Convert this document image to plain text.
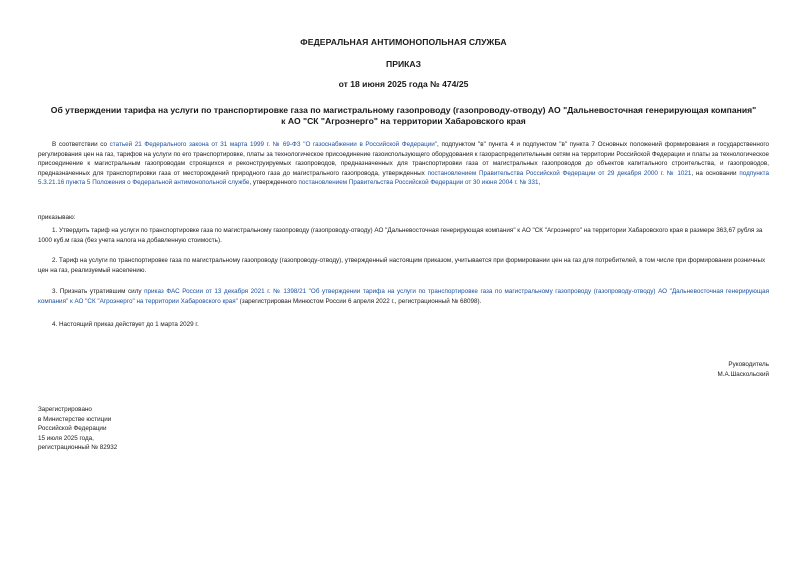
ФЕДЕРАЛЬНАЯ АНТИМОНОПОЛЬНАЯ СЛУЖБА
ПРИКАЗ
от 18 июня 2025 года № 474/25
Об утверждении тарифа на услуги по транспортировке газа по магистральному газопроводу (газопроводу-отводу) АО "Дальневосточная генерирующая компания"
к АО "СК "Агроэнерго" на территории Хабаровского края
В соответствии со статьей 21 Федерального закона от 31 марта 1999 г. № 69-ФЗ "О газоснабжении в Российской Федерации", подпунктом "в" пункта 4 и подпунктом "в" пункта 7 Основных положений формирования и государственного регулирования цен на газ, тарифов на услуги по его транспортировке, платы за технологическое присоединение газоиспользующего оборудования к газораспределительным сетям на территории Российской Федерации и платы за технологическое присоединение к магистральным газопроводам строящихся и реконструируемых газопроводов, предназначенных для транспортировки газа от магистральных газопроводов до объектов капитального строительства, и газопроводов, предназначенных для транспортировки газа от месторождений природного газа до магистрального газопровода, утвержденных постановлением Правительства Российской Федерации от 29 декабря 2000 г. № 1021, на основании подпункта 5.3.21.16 пункта 5 Положения о Федеральной антимонопольной службе, утвержденного постановлением Правительства Российской Федерации от 30 июня 2004 г. № 331,
приказываю:
1. Утвердить тариф на услуги по транспортировке газа по магистральному газопроводу (газопроводу-отводу) АО "Дальневосточная генерирующая компания" к АО "СК "Агроэнерго" на территории Хабаровского края в размере 363,67 рубля за 1000 куб.м газа (без учета налога на добавленную стоимость).
2. Тариф на услуги по транспортировке газа по магистральному газопроводу (газопроводу-отводу), утвержденный настоящим приказом, учитывается при формировании цен на газ для потребителей, в том числе при формировании розничных цен на газ, реализуемый населению.
3. Признать утратившим силу приказ ФАС России от 13 декабря 2021 г. № 1398/21 "Об утверждении тарифа на услуги по транспортировке газа по магистральному газопроводу (газопроводу-отводу) АО "Дальневосточная генерирующая компания" к АО "СК "Агроэнерго" на территории Хабаровского края" (зарегистрирован Минюстом России 6 апреля 2022 г., регистрационный № 68098).
4. Настоящий приказ действует до 1 марта 2029 г.
Руководитель
М.А.Шаскольский
Зарегистрировано
в Министерстве юстиции
Российской Федерации
15 июля 2025 года,
регистрационный № 82932
